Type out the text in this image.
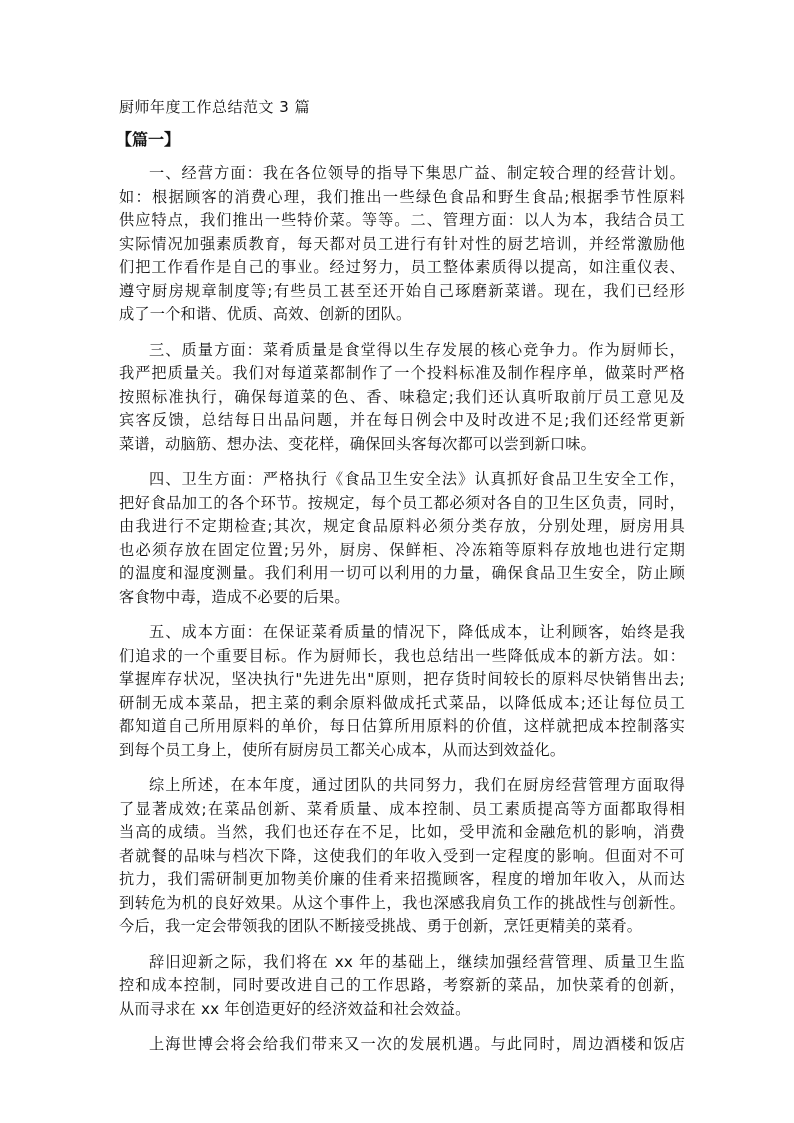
厨师年度工作总结范文 3 篇
【篇一】
一、经营方面：我在各位领导的指导下集思广益、制定较合理的经营计划。
如：根据顾客的消费心理，我们推出一些绿色食品和野生食品;根据季节性原料
供应特点，我们推出一些特价菜。等等。二、管理方面：以人为本，我结合员工
实际情况加强素质教育，每天都对员工进行有针对性的厨艺培训，并经常激励他
们把工作看作是自己的事业。经过努力，员工整体素质得以提高，如注重仪表、
遵守厨房规章制度等;有些员工甚至还开始自己琢磨新菜谱。现在，我们已经形
成了一个和谐、优质、高效、创新的团队。
三、质量方面：菜肴质量是食堂得以生存发展的核心竞争力。作为厨师长，
我严把质量关。我们对每道菜都制作了一个投料标准及制作程序单，做菜时严格
按照标准执行，确保每道菜的色、香、味稳定;我们还认真听取前厅员工意见及
宾客反馈，总结每日出品问题，并在每日例会中及时改进不足;我们还经常更新
菜谱，动脑筋、想办法、变花样，确保回头客每次都可以尝到新口味。
四、卫生方面：严格执行《食品卫生安全法》认真抓好食品卫生安全工作，
把好食品加工的各个环节。按规定，每个员工都必须对各自的卫生区负责，同时，
由我进行不定期检查;其次，规定食品原料必须分类存放，分别处理，厨房用具
也必须存放在固定位置;另外，厨房、保鲜柜、冷冻箱等原料存放地也进行定期
的温度和湿度测量。我们利用一切可以利用的力量，确保食品卫生安全，防止顾
客食物中毒，造成不必要的后果。
五、成本方面：在保证菜肴质量的情况下，降低成本，让利顾客，始终是我
们追求的一个重要目标。作为厨师长，我也总结出一些降低成本的新方法。如：
掌握库存状况，坚决执行"先进先出"原则，把存货时间较长的原料尽快销售出去;
研制无成本菜品，把主菜的剩余原料做成托式菜品，以降低成本;还让每位员工
都知道自己所用原料的单价，每日估算所用原料的价值，这样就把成本控制落实
到每个员工身上，使所有厨房员工都关心成本，从而达到效益化。
综上所述，在本年度，通过团队的共同努力，我们在厨房经营管理方面取得
了显著成效;在菜品创新、菜肴质量、成本控制、员工素质提高等方面都取得相
当高的成绩。当然，我们也还存在不足，比如，受甲流和金融危机的影响，消费
者就餐的品味与档次下降，这使我们的年收入受到一定程度的影响。但面对不可
抗力，我们需研制更加物美价廉的佳肴来招揽顾客，程度的增加年收入，从而达
到转危为机的良好效果。从这个事件上，我也深感我肩负工作的挑战性与创新性。
今后，我一定会带领我的团队不断接受挑战、勇于创新，烹饪更精美的菜肴。
辞旧迎新之际，我们将在 xx 年的基础上，继续加强经营管理、质量卫生监
控和成本控制，同时要改进自己的工作思路，考察新的菜品，加快菜肴的创新，
从而寻求在 xx 年创造更好的经济效益和社会效益。
上海世博会将会给我们带来又一次的发展机遇。与此同时，周边酒楼和饭店
